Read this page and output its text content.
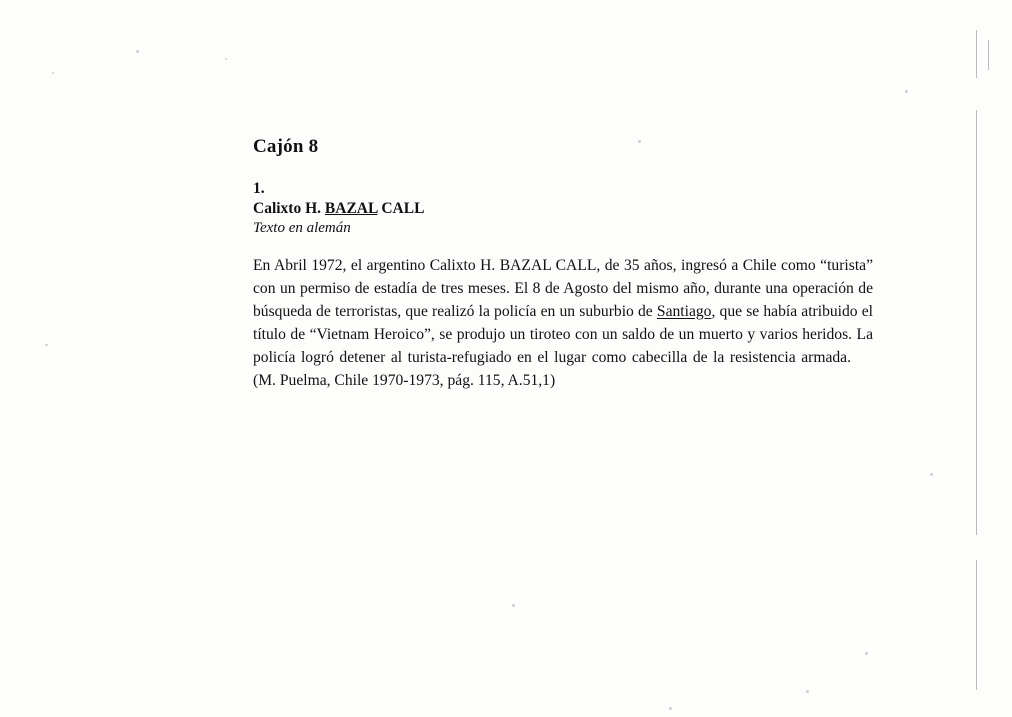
Cajón 8
1.
Calixto H. BAZAL CALL
Texto en alemán

En Abril 1972, el argentino Calixto H. BAZAL CALL, de 35 años, ingresó a Chile como “turista” con un permiso de estadía de tres meses. El 8 de Agosto del mismo año, durante una operación de búsqueda de terroristas, que realizó la policía en un suburbio de Santiago, que se había atribuido el título de “Vietnam Heroico”, se produjo un tiroteo con un saldo de un muerto y varios heridos. La policía logró detener al turista-refugiado en el lugar como cabecilla de la resistencia armada.(M. Puelma, Chile 1970-1973, pág. 115, A.51,1)
